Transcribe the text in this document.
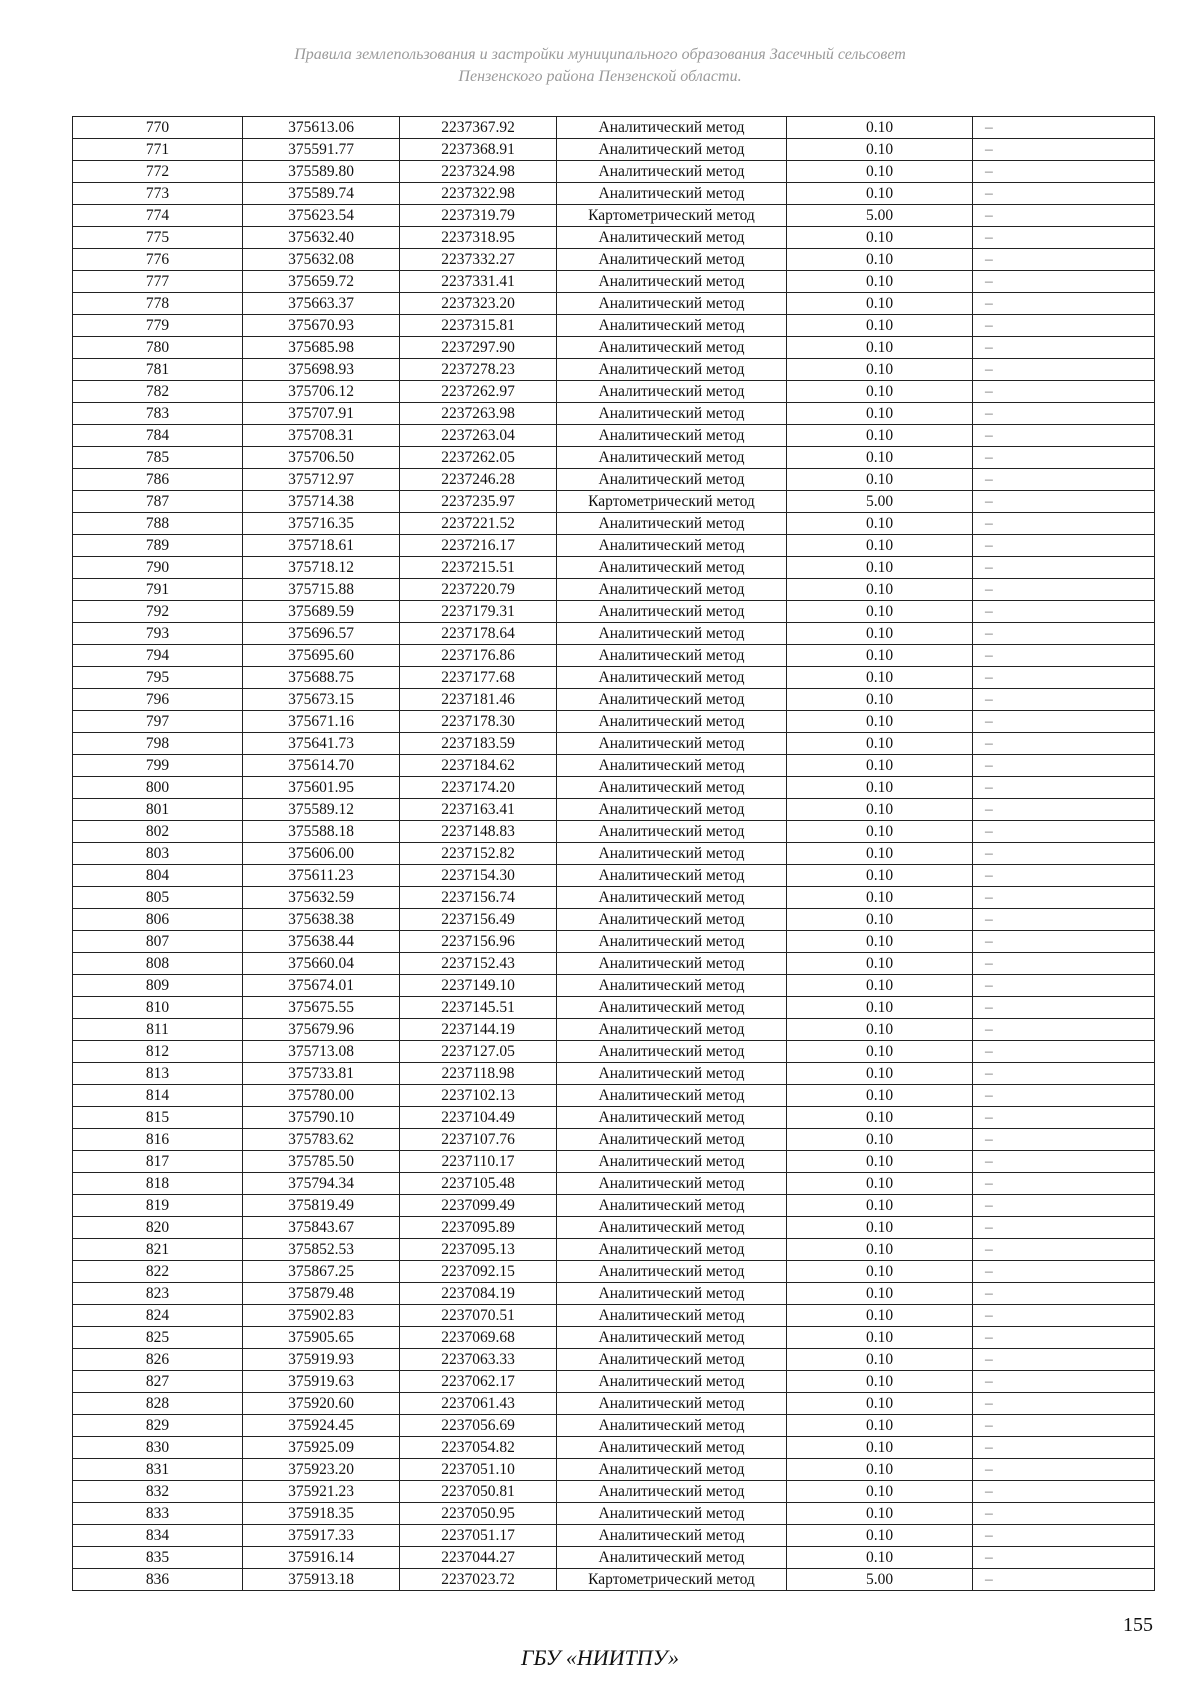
Правила землепользования и застройки муниципального образования Засечный сельсовет
Пензенского района Пензенской области.
770	375613.06	2237367.92	Аналитический метод	0.10	–
771	375591.77	2237368.91	Аналитический метод	0.10	–
772	375589.80	2237324.98	Аналитический метод	0.10	–
773	375589.74	2237322.98	Аналитический метод	0.10	–
774	375623.54	2237319.79	Картометрический метод	5.00	–
775	375632.40	2237318.95	Аналитический метод	0.10	–
776	375632.08	2237332.27	Аналитический метод	0.10	–
777	375659.72	2237331.41	Аналитический метод	0.10	–
778	375663.37	2237323.20	Аналитический метод	0.10	–
779	375670.93	2237315.81	Аналитический метод	0.10	–
780	375685.98	2237297.90	Аналитический метод	0.10	–
781	375698.93	2237278.23	Аналитический метод	0.10	–
782	375706.12	2237262.97	Аналитический метод	0.10	–
783	375707.91	2237263.98	Аналитический метод	0.10	–
784	375708.31	2237263.04	Аналитический метод	0.10	–
785	375706.50	2237262.05	Аналитический метод	0.10	–
786	375712.97	2237246.28	Аналитический метод	0.10	–
787	375714.38	2237235.97	Картометрический метод	5.00	–
788	375716.35	2237221.52	Аналитический метод	0.10	–
789	375718.61	2237216.17	Аналитический метод	0.10	–
790	375718.12	2237215.51	Аналитический метод	0.10	–
791	375715.88	2237220.79	Аналитический метод	0.10	–
792	375689.59	2237179.31	Аналитический метод	0.10	–
793	375696.57	2237178.64	Аналитический метод	0.10	–
794	375695.60	2237176.86	Аналитический метод	0.10	–
795	375688.75	2237177.68	Аналитический метод	0.10	–
796	375673.15	2237181.46	Аналитический метод	0.10	–
797	375671.16	2237178.30	Аналитический метод	0.10	–
798	375641.73	2237183.59	Аналитический метод	0.10	–
799	375614.70	2237184.62	Аналитический метод	0.10	–
800	375601.95	2237174.20	Аналитический метод	0.10	–
801	375589.12	2237163.41	Аналитический метод	0.10	–
802	375588.18	2237148.83	Аналитический метод	0.10	–
803	375606.00	2237152.82	Аналитический метод	0.10	–
804	375611.23	2237154.30	Аналитический метод	0.10	–
805	375632.59	2237156.74	Аналитический метод	0.10	–
806	375638.38	2237156.49	Аналитический метод	0.10	–
807	375638.44	2237156.96	Аналитический метод	0.10	–
808	375660.04	2237152.43	Аналитический метод	0.10	–
809	375674.01	2237149.10	Аналитический метод	0.10	–
810	375675.55	2237145.51	Аналитический метод	0.10	–
811	375679.96	2237144.19	Аналитический метод	0.10	–
812	375713.08	2237127.05	Аналитический метод	0.10	–
813	375733.81	2237118.98	Аналитический метод	0.10	–
814	375780.00	2237102.13	Аналитический метод	0.10	–
815	375790.10	2237104.49	Аналитический метод	0.10	–
816	375783.62	2237107.76	Аналитический метод	0.10	–
817	375785.50	2237110.17	Аналитический метод	0.10	–
818	375794.34	2237105.48	Аналитический метод	0.10	–
819	375819.49	2237099.49	Аналитический метод	0.10	–
820	375843.67	2237095.89	Аналитический метод	0.10	–
821	375852.53	2237095.13	Аналитический метод	0.10	–
822	375867.25	2237092.15	Аналитический метод	0.10	–
823	375879.48	2237084.19	Аналитический метод	0.10	–
824	375902.83	2237070.51	Аналитический метод	0.10	–
825	375905.65	2237069.68	Аналитический метод	0.10	–
826	375919.93	2237063.33	Аналитический метод	0.10	–
827	375919.63	2237062.17	Аналитический метод	0.10	–
828	375920.60	2237061.43	Аналитический метод	0.10	–
829	375924.45	2237056.69	Аналитический метод	0.10	–
830	375925.09	2237054.82	Аналитический метод	0.10	–
831	375923.20	2237051.10	Аналитический метод	0.10	–
832	375921.23	2237050.81	Аналитический метод	0.10	–
833	375918.35	2237050.95	Аналитический метод	0.10	–
834	375917.33	2237051.17	Аналитический метод	0.10	–
835	375916.14	2237044.27	Аналитический метод	0.10	–
836	375913.18	2237023.72	Картометрический метод	5.00	–
155
ГБУ «НИИТПУ»
